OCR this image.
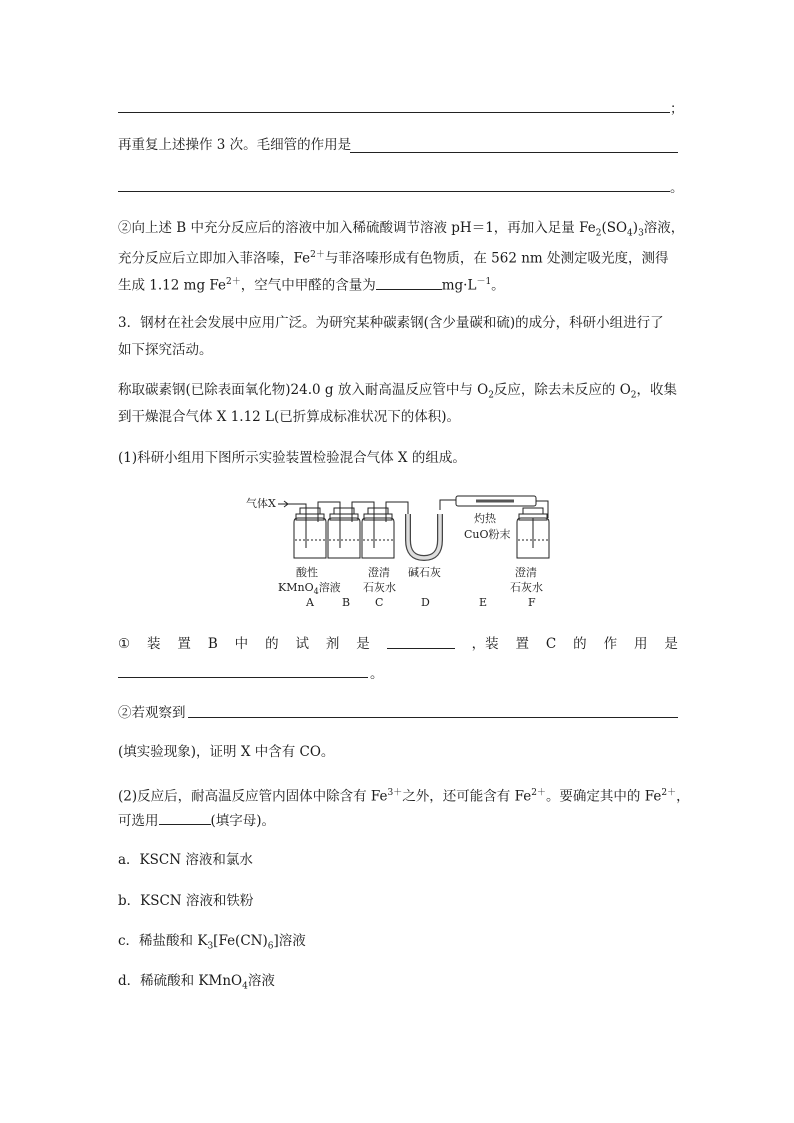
；
再重复上述操作 3 次。毛细管的作用是
。
②向上述 B 中充分反应后的溶液中加入稀硫酸调节溶液 pH＝1，再加入足量 $Fe_2(SO_4)_3$溶液，
充分反应后立即加入菲洛嗪，$Fe^{2+}$与菲洛嗪形成有色物质，在 562 nm 处测定吸光度，测得
生成 1.12 mg $Fe^{2+}$，空气中甲醛的含量为	$mg\cdot L^{-1}$。
3．钢材在社会发展中应用广泛。为研究某种碳素钢(含少量碳和硫)的成分，科研小组进行了
如下探究活动。
称取碳素钢(已除表面氧化物)24.0 g 放入耐高温反应管中与 $O_2$反应，除去未反应的 $O_2$，收集
到干燥混合气体 X 1.12 L(已折算成标准状况下的体积)。
(1)科研小组用下图所示实验装置检验混合气体 X 的组成。
气体X
灼热
CuO粉末
酸性
KMnO$_4$溶液
澄清
石灰水
碱石灰	澄清
石灰水
A	B C	D	E	F
① 装 置 B 中 的 试 剂 是	，装 置 C 的 作 用 是
。
②若观察到
(填实验现象)，证明 X 中含有 CO。
(2)反应后，耐高温反应管内固体中除含有 $Fe^{3+}$之外，还可能含有 $Fe^{2+}$。要确定其中的 $Fe^{2+}$，
可选用	(填字母)。
a．KSCN 溶液和氯水
b．KSCN 溶液和铁粉
c．稀盐酸和 $K_3[Fe(CN)_6]$溶液
d．稀硫酸和 KMnO$_4$溶液
